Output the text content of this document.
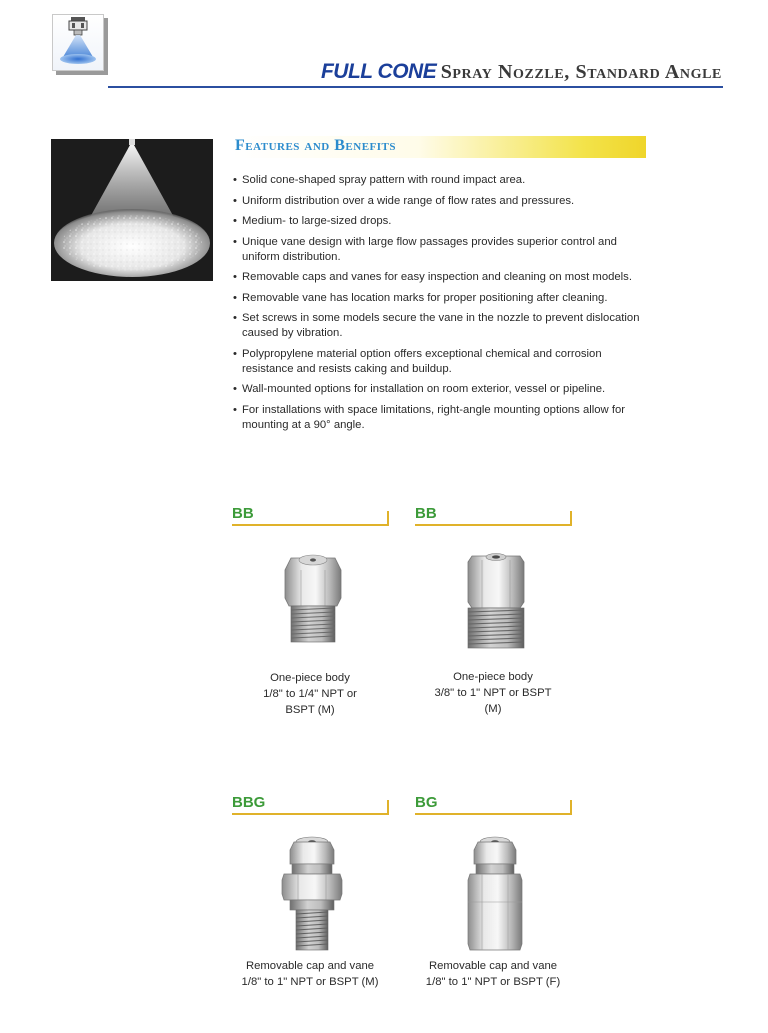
FULL CONE Spray Nozzle, Standard Angle
Features and Benefits
• Solid cone-shaped spray pattern with round impact area.
• Uniform distribution over a wide range of flow rates and pressures.
• Medium- to large-sized drops.
• Unique vane design with large flow passages provides superior control and uniform distribution.
• Removable caps and vanes for easy inspection and cleaning on most models.
• Removable vane has location marks for proper positioning after cleaning.
• Set screws in some models secure the vane in the nozzle to prevent dislocation caused by vibration.
• Polypropylene material option offers exceptional chemical and corrosion resistance and resists caking and buildup.
• Wall-mounted options for installation on room exterior, vessel or pipeline.
• For installations with space limitations, right-angle mounting options allow for mounting at a 90° angle.
BB
One-piece body
1/8" to 1/4" NPT or
BSPT (M)
BB
One-piece body
3/8" to 1" NPT or BSPT
(M)
BBG
Removable cap and vane
1/8" to 1" NPT or BSPT (M)
BG
Removable cap and vane
1/8" to 1" NPT or BSPT (F)
